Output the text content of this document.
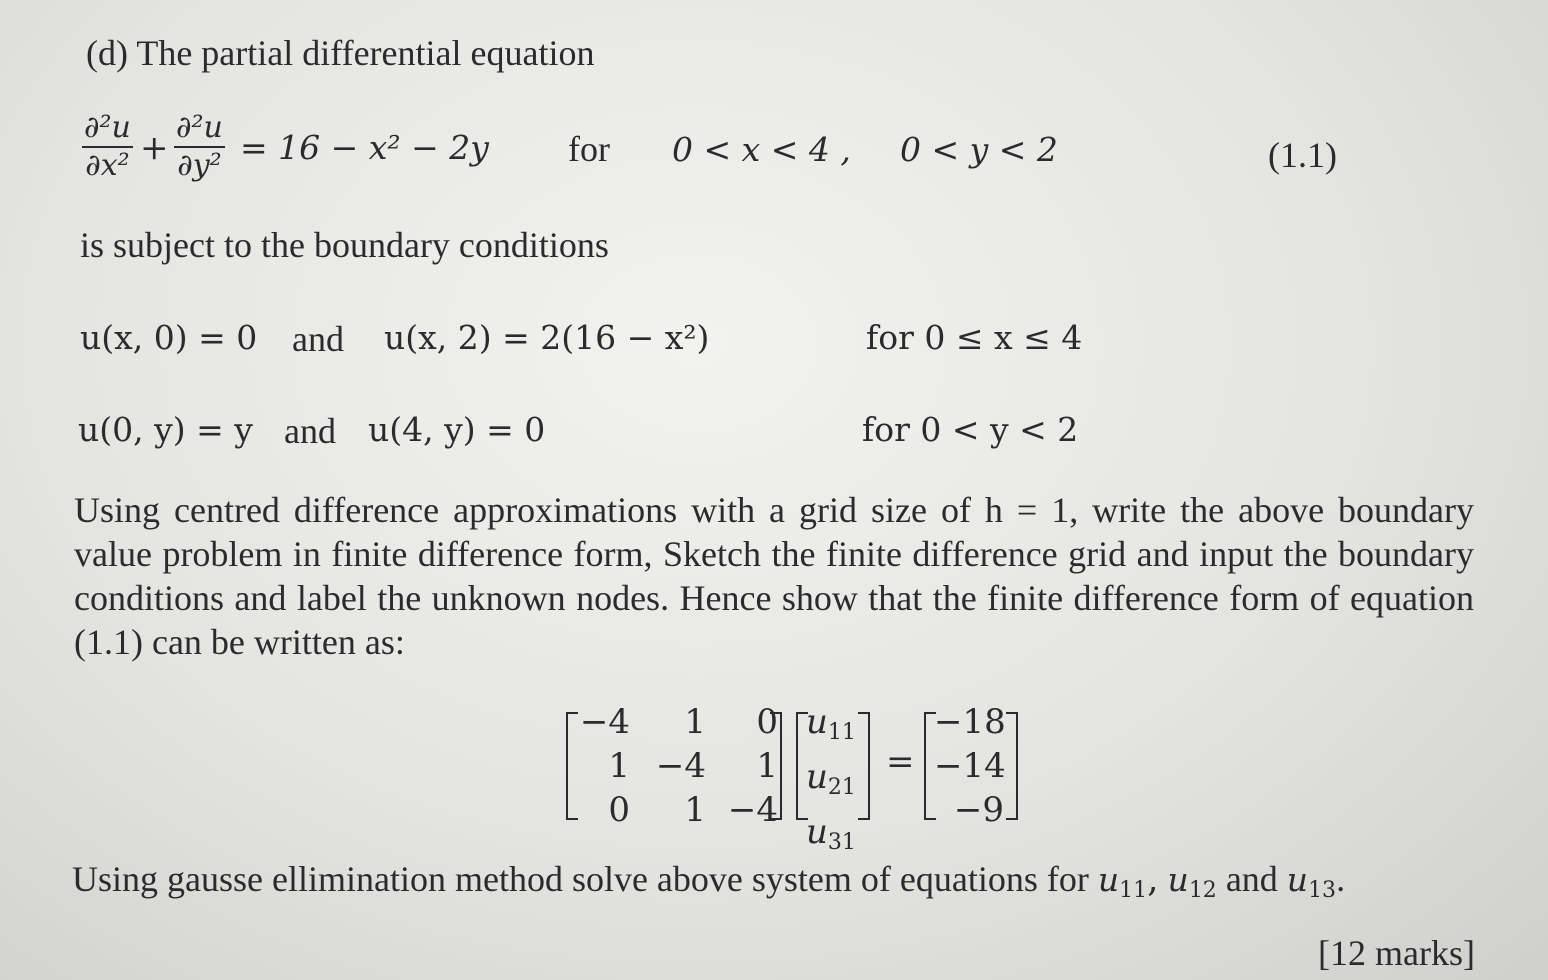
(d) The partial differential equation
$\frac{\text{∂²u}}{\text{∂x²}} + \frac{\text{∂²u}}{\text{∂y²}} = 16 - x^2 - 2y$ for 0 < x < 4 , 0 < y < 2	(1.1)
is subject to the boundary conditions
u(x, 0) = 0 and u(x, 2) = 2(16 − x²)	for 0 ≤ x ≤ 4
u(0, y) = y and u(4, y) = 0	for 0 < y < 2
Using centred difference approximations with a grid size of h = 1, write the above boundary value problem in finite difference form, Sketch the finite difference grid and input the boundary conditions and label the unknown nodes. Hence show that the finite difference form of equation (1.1) can be written as:
−4	1	0
1 −4	1
0	1 −4
$u_{11}$
$u_{21}$
$u_{31}$
=
−18
−14
−9
Using gausse ellimination method solve above system of equations for $u_{11}$, $u_{12}$ and $u_{13}$.
[12 marks]
